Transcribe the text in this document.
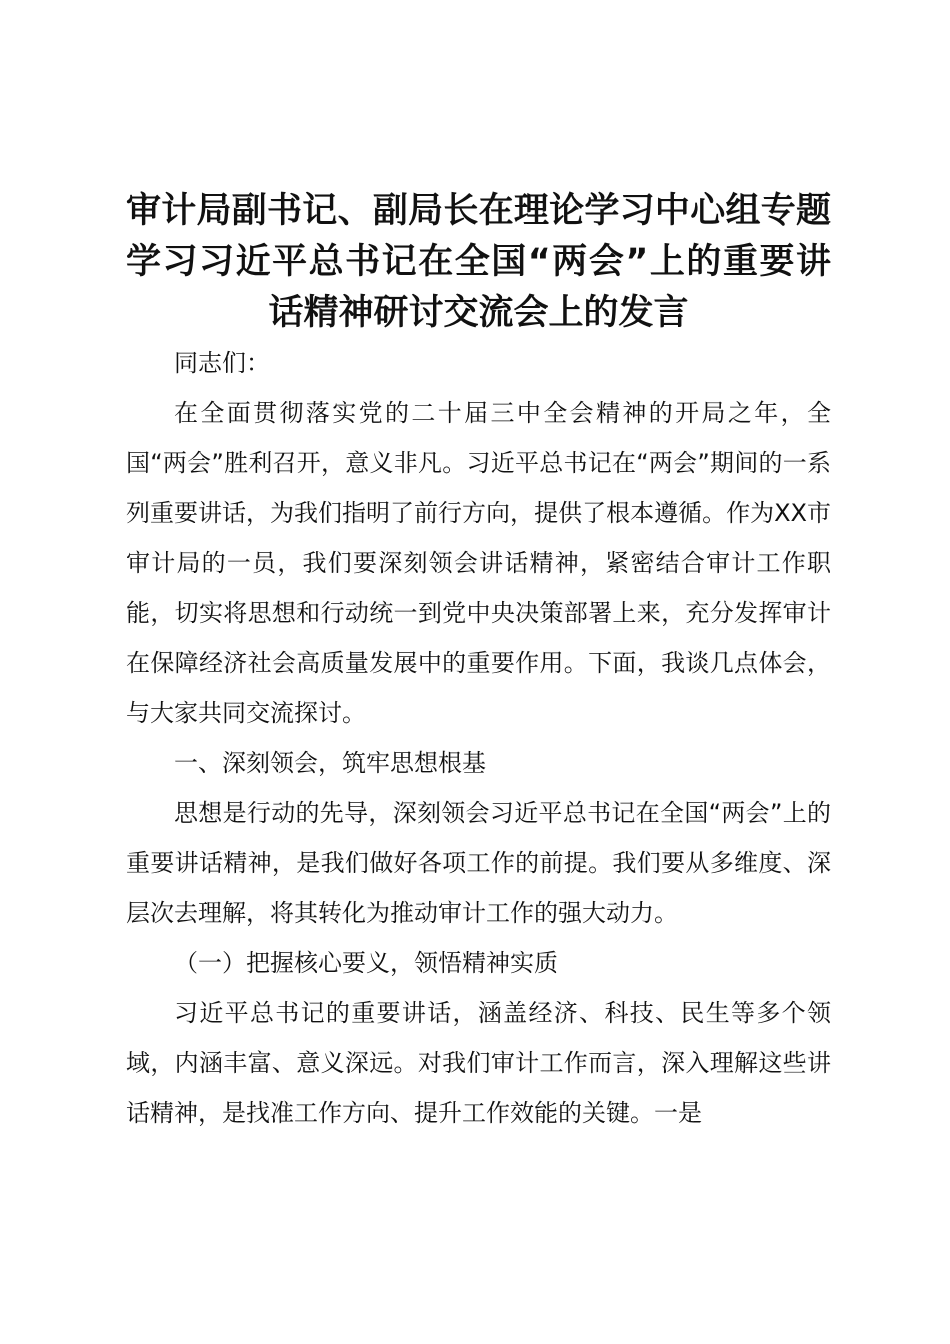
审计局副书记、副局长在理论学习中心组专题学习习近平总书记在全国“两会”上的重要讲话精神研讨交流会上的发言

同志们：

在全面贯彻落实党的二十届三中全会精神的开局之年，全国“两会”胜利召开，意义非凡。习近平总书记在“两会”期间的一系列重要讲话，为我们指明了前行方向，提供了根本遵循。作为XX市审计局的一员，我们要深刻领会讲话精神，紧密结合审计工作职能，切实将思想和行动统一到党中央决策部署上来，充分发挥审计在保障经济社会高质量发展中的重要作用。下面，我谈几点体会，与大家共同交流探讨。

一、深刻领会，筑牢思想根基

思想是行动的先导，深刻领会习近平总书记在全国“两会”上的重要讲话精神，是我们做好各项工作的前提。我们要从多维度、深层次去理解，将其转化为推动审计工作的强大动力。

（一）把握核心要义，领悟精神实质

习近平总书记的重要讲话，涵盖经济、科技、民生等多个领域，内涵丰富、意义深远。对我们审计工作而言，深入理解这些讲话精神，是找准工作方向、提升工作效能的关键。一是
